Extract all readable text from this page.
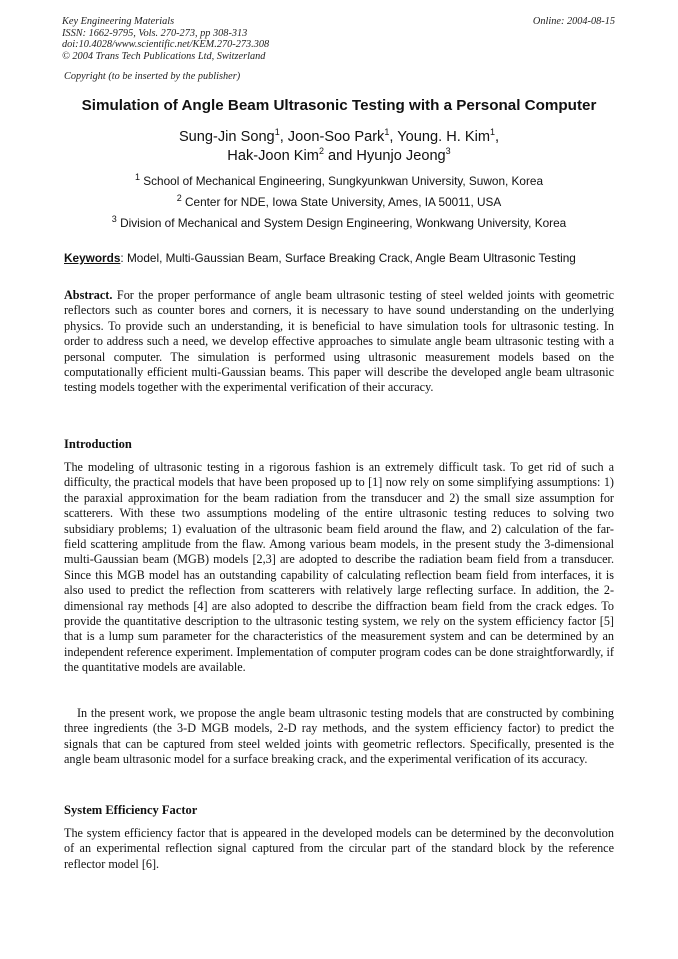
Key Engineering Materials
ISSN: 1662-9795, Vols. 270-273, pp 308-313
doi:10.4028/www.scientific.net/KEM.270-273.308
© 2004 Trans Tech Publications Ltd, Switzerland
Online: 2004-08-15
Copyright (to be inserted by the publisher)
Simulation of Angle Beam Ultrasonic Testing with a Personal Computer
Sung-Jin Song$^1$, Joon-Soo Park$^1$, Young. H. Kim$^1$,
Hak-Joon Kim$^2$ and Hyunjo Jeong$^3$
$^1$ School of Mechanical Engineering, Sungkyunkwan University, Suwon, Korea
$^2$ Center for NDE, Iowa State University, Ames, IA 50011, USA
$^3$ Division of Mechanical and System Design Engineering, Wonkwang University, Korea
Keywords: Model, Multi-Gaussian Beam, Surface Breaking Crack, Angle Beam Ultrasonic Testing
Abstract. For the proper performance of angle beam ultrasonic testing of steel welded joints with geometric reflectors such as counter bores and corners, it is necessary to have sound understanding on the underlying physics. To provide such an understanding, it is beneficial to have simulation tools for ultrasonic testing. In order to address such a need, we develop effective approaches to simulate angle beam ultrasonic testing with a personal computer. The simulation is performed using ultrasonic measurement models based on the computationally efficient multi-Gaussian beams. This paper will describe the developed angle beam ultrasonic testing models together with the experimental verification of their accuracy.
Introduction

The modeling of ultrasonic testing in a rigorous fashion is an extremely difficult task. To get rid of such a difficulty, the practical models that have been proposed up to [1] now rely on some simplifying assumptions: 1) the paraxial approximation for the beam radiation from the transducer and 2) the small size assumption for scatterers. With these two assumptions modeling of the entire ultrasonic testing reduces to solving two subsidiary problems; 1) evaluation of the ultrasonic beam field around the flaw, and 2) calculation of the far-field scattering amplitude from the flaw. Among various beam models, in the present study the 3-dimensional multi-Gaussian beam (MGB) models [2,3] are adopted to describe the radiation beam field from a transducer. Since this MGB model has an outstanding capability of calculating reflection beam field from interfaces, it is also used to predict the reflection from scatterers with relatively large reflecting surface. In addition, the 2-dimensional ray methods [4] are also adopted to describe the diffraction beam field from the crack edges. To provide the quantitative description to the ultrasonic testing system, we rely on the system efficiency factor [5] that is a lump sum parameter for the characteristics of the measurement system and can be determined by an independent reference experiment. Implementation of computer program codes can be done straightforwardly, if the quantitative models are available.

In the present work, we propose the angle beam ultrasonic testing models that are constructed by combining three ingredients (the 3-D MGB models, 2-D ray methods, and the system efficiency factor) to predict the signals that can be captured from steel welded joints with geometric reflectors. Specifically, presented is the angle beam ultrasonic model for a surface breaking crack, and the experimental verification of its accuracy.

System Efficiency Factor

The system efficiency factor that is appeared in the developed models can be determined by the deconvolution of an experimental reflection signal captured from the circular part of the standard block by the reference reflector model [6].
